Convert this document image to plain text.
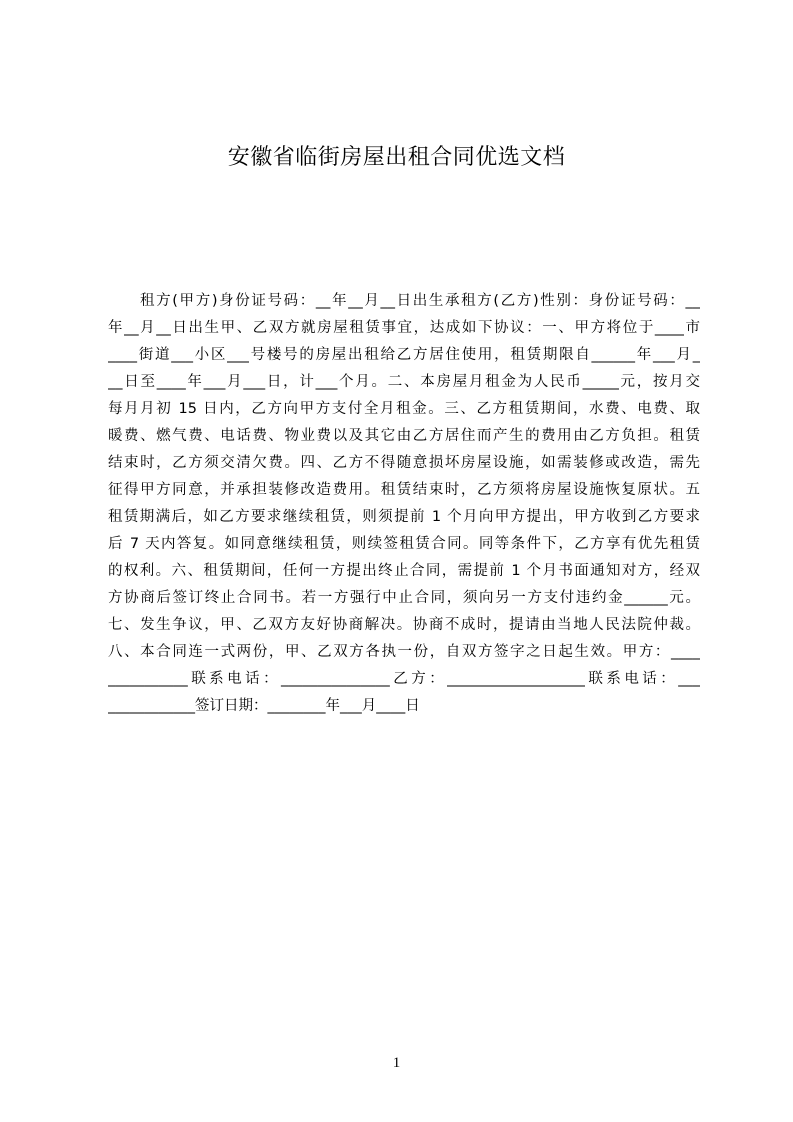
安徽省临街房屋出租合同优选文档
租方(甲方)身份证号码：__年__月__日出生承租方(乙方)性别：身份证号码：__
年__月__日出生甲、乙双方就房屋租赁事宜，达成如下协议：一、甲方将位于____市
____街道___小区___号楼号的房屋出租给乙方居住使用，租赁期限自______年___月_
__日至____年___月___日，计___个月。二、本房屋月租金为人民币_____元，按月交
每月月初 15 日内，乙方向甲方支付全月租金。三、乙方租赁期间，水费、电费、取
暖费、燃气费、电话费、物业费以及其它由乙方居住而产生的费用由乙方负担。租赁
结束时，乙方须交清欠费。四、乙方不得随意损坏房屋设施，如需装修或改造，需先
征得甲方同意，并承担装修改造费用。租赁结束时，乙方须将房屋设施恢复原状。五
租赁期满后，如乙方要求继续租赁，则须提前 1 个月向甲方提出，甲方收到乙方要求
后 7 天内答复。如同意继续租赁，则续签租赁合同。同等条件下，乙方享有优先租赁
的权利。六、租赁期间，任何一方提出终止合同，需提前 1 个月书面通知对方，经双
方协商后签订终止合同书。若一方强行中止合同，须向另一方支付违约金______元。
七、发生争议，甲、乙双方友好协商解决。协商不成时，提请由当地人民法院仲裁。
八、本合同连一式两份，甲、乙双方各执一份，自双方签字之日起生效。甲方：____
___________联系电话：_______________乙方：___________________联系电话：___
____________签订日期：________年___月____日
1
